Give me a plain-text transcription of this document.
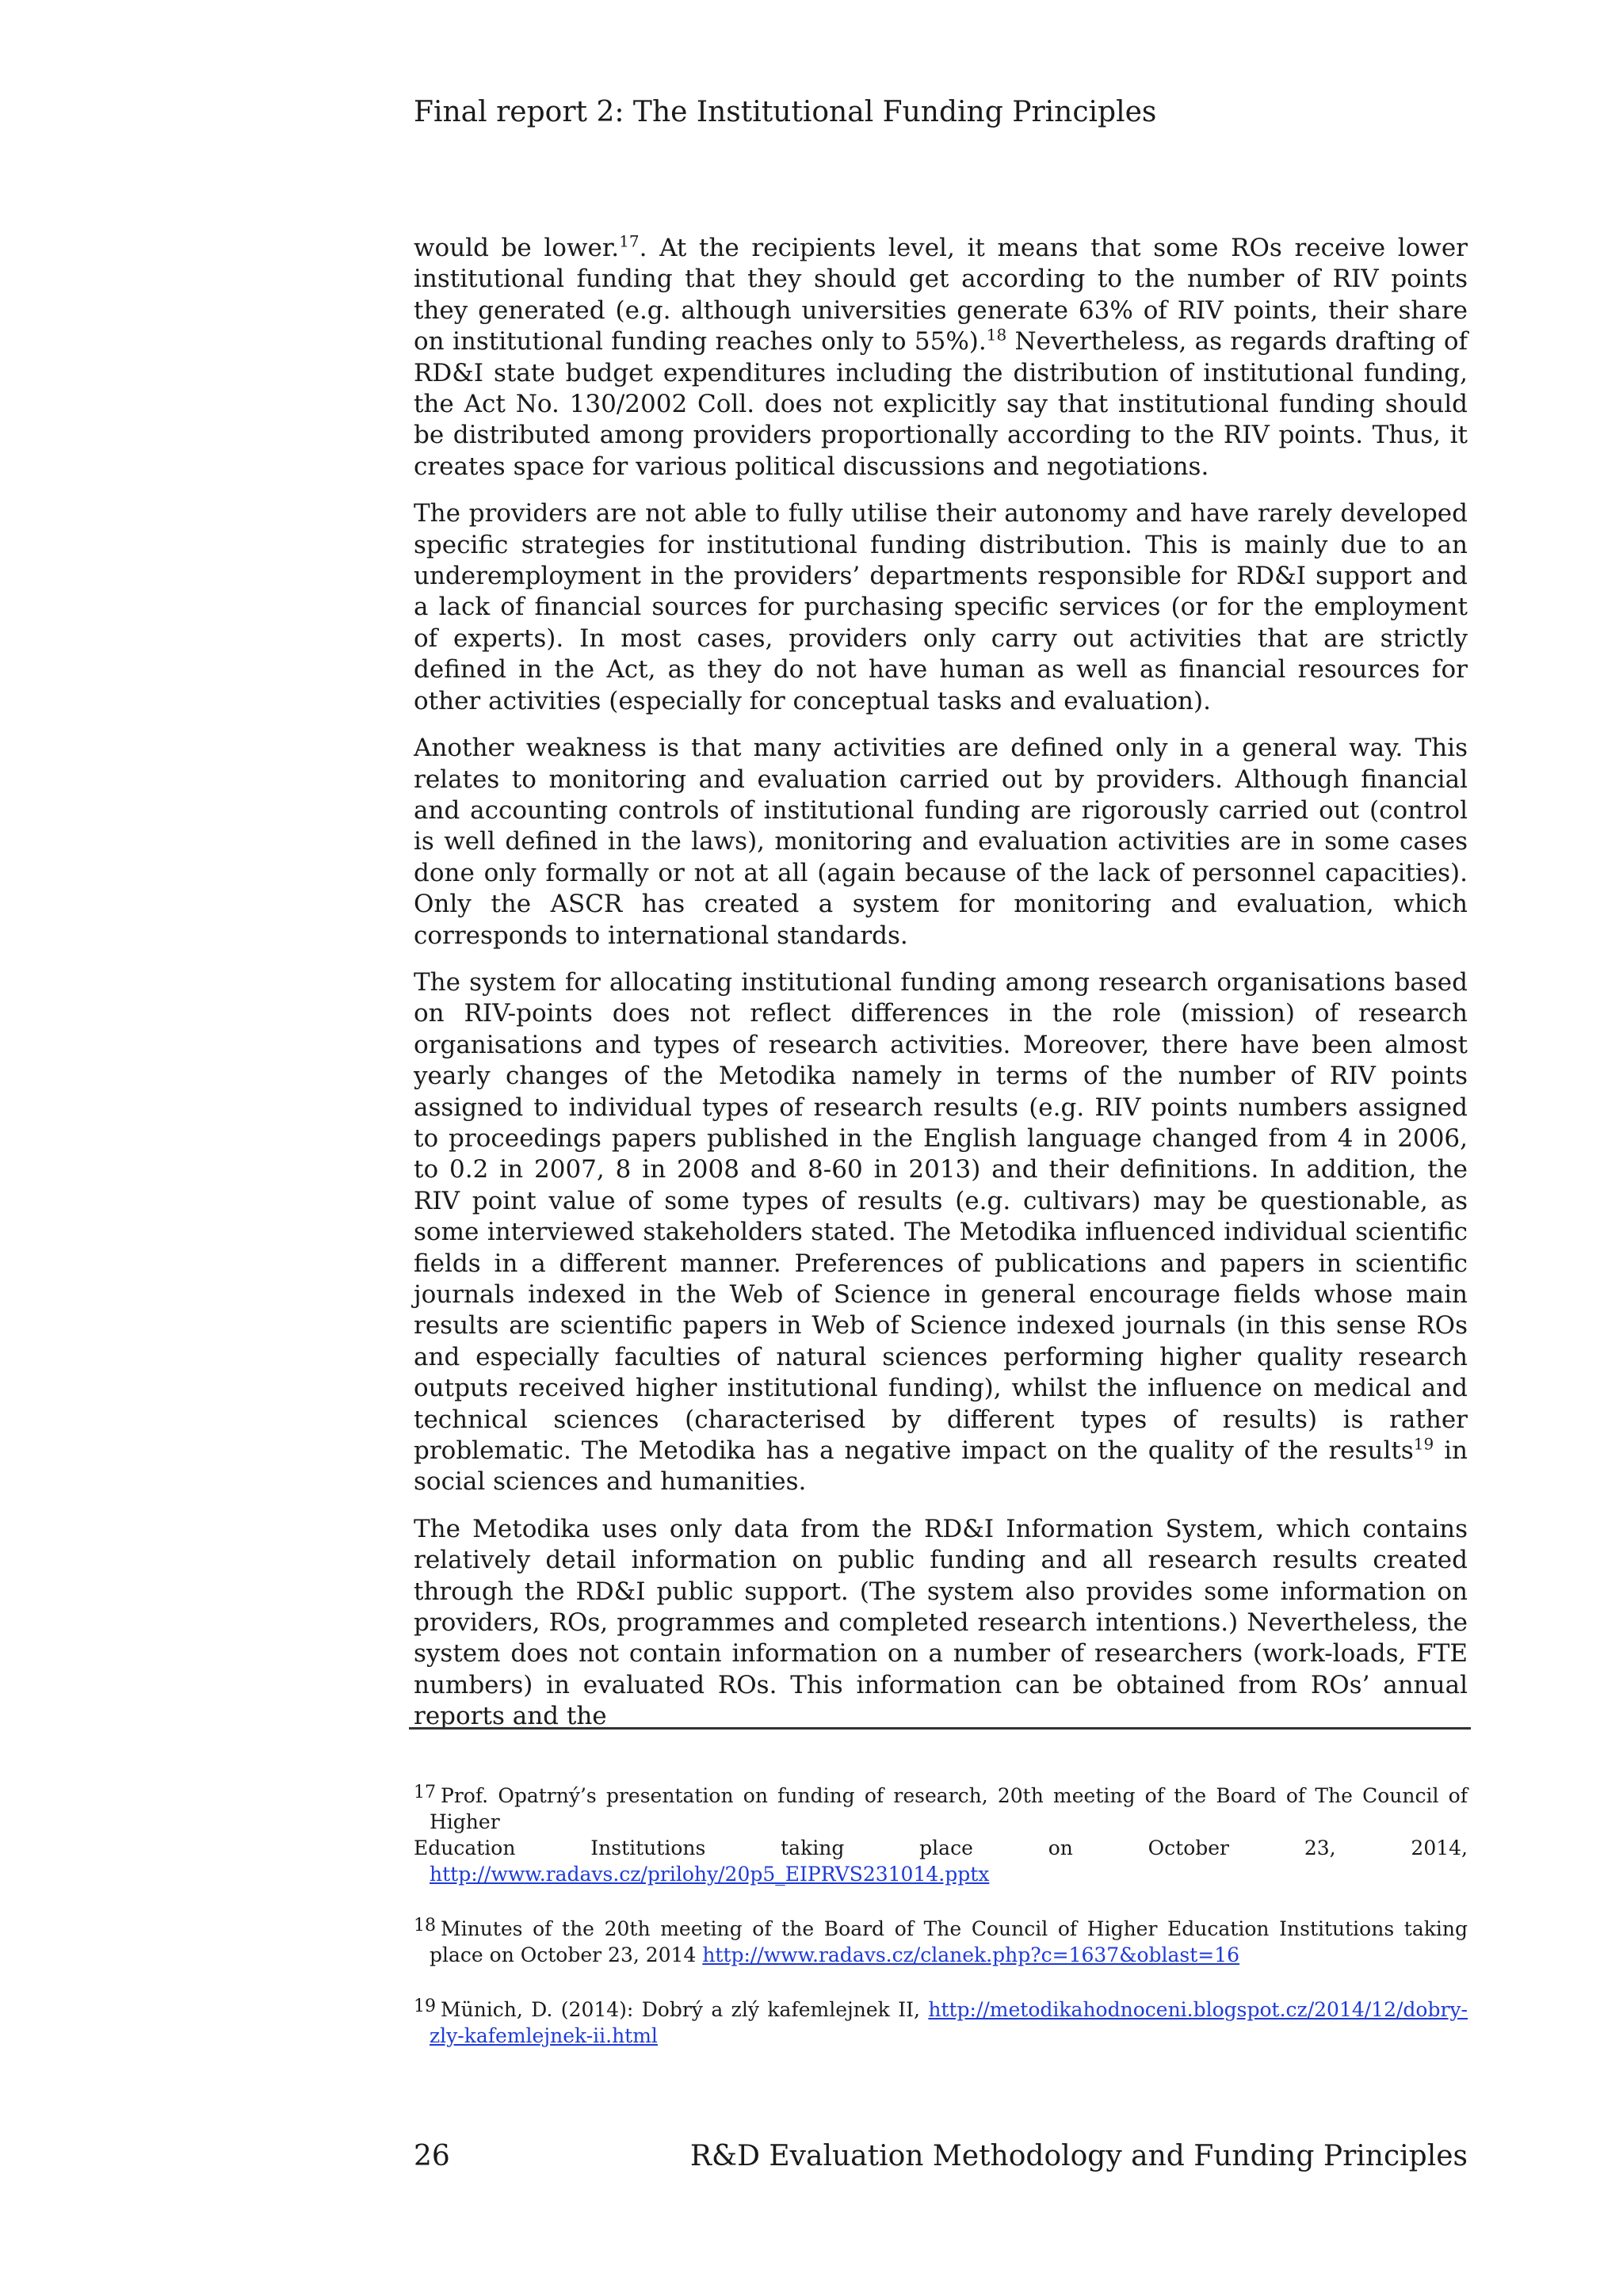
Final report 2: The Institutional Funding Principles

would be lower.$^{17}$. At the recipients level, it means that some ROs receive lower institutional funding that they should get according to the number of RIV points they generated (e.g. although universities generate 63% of RIV points, their share on institutional funding reaches only to 55%).$^{18}$ Nevertheless, as regards drafting of RD&I state budget expenditures including the distribution of institutional funding, the Act No. 130/2002 Coll. does not explicitly say that institutional funding should be distributed among providers proportionally according to the RIV points. Thus, it creates space for various political discussions and negotiations.

The providers are not able to fully utilise their autonomy and have rarely developed specific strategies for institutional funding distribution. This is mainly due to an underemployment in the providers’ departments responsible for RD&I support and a lack of financial sources for purchasing specific services (or for the employment of experts). In most cases, providers only carry out activities that are strictly defined in the Act, as they do not have human as well as financial resources for other activities (especially for conceptual tasks and evaluation).

Another weakness is that many activities are defined only in a general way. This relates to monitoring and evaluation carried out by providers. Although financial and accounting controls of institutional funding are rigorously carried out (control is well defined in the laws), monitoring and evaluation activities are in some cases done only formally or not at all (again because of the lack of personnel capacities). Only the ASCR has created a system for monitoring and evaluation, which corresponds to international standards.

The system for allocating institutional funding among research organisations based on RIV-points does not reflect differences in the role (mission) of research organisations and types of research activities. Moreover, there have been almost yearly changes of the Metodika namely in terms of the number of RIV points assigned to individual types of research results (e.g. RIV points numbers assigned to proceedings papers published in the English language changed from 4 in 2006, to 0.2 in 2007, 8 in 2008 and 8-60 in 2013) and their definitions. In addition, the RIV point value of some types of results (e.g. cultivars) may be questionable, as some interviewed stakeholders stated. The Metodika influenced individual scientific fields in a different manner. Preferences of publications and papers in scientific journals indexed in the Web of Science in general encourage fields whose main results are scientific papers in Web of Science indexed journals (in this sense ROs and especially faculties of natural sciences performing higher quality research outputs received higher institutional funding), whilst the influence on medical and technical sciences (characterised by different types of results) is rather problematic. The Metodika has a negative impact on the quality of the results$^{19}$ in social sciences and humanities.

The Metodika uses only data from the RD&I Information System, which contains relatively detail information on public funding and all research results created through the RD&I public support. (The system also provides some information on providers, ROs, programmes and completed research intentions.) Nevertheless, the system does not contain information on a number of researchers (work-loads, FTE numbers) in evaluated ROs. This information can be obtained from ROs’ annual reports and the

17 Prof. Opatrný’s presentation on funding of research, 20th meeting of the Board of The Council of Higher
Education Institutions taking place on October 23, 2014,
http://www.radavs.cz/prilohy/20p5_EIPRVS231014.pptx
18 Minutes of the 20th meeting of the Board of The Council of Higher Education Institutions taking place on October 23, 2014 http://www.radavs.cz/clanek.php?c=1637&oblast=16
19 Münich, D. (2014): Dobrý a zlý kafemlejnek II, http://metodikahodnoceni.blogspot.cz/2014/12/dobry-zly-kafemlejnek-ii.html
26	R&D Evaluation Methodology and Funding Principles
